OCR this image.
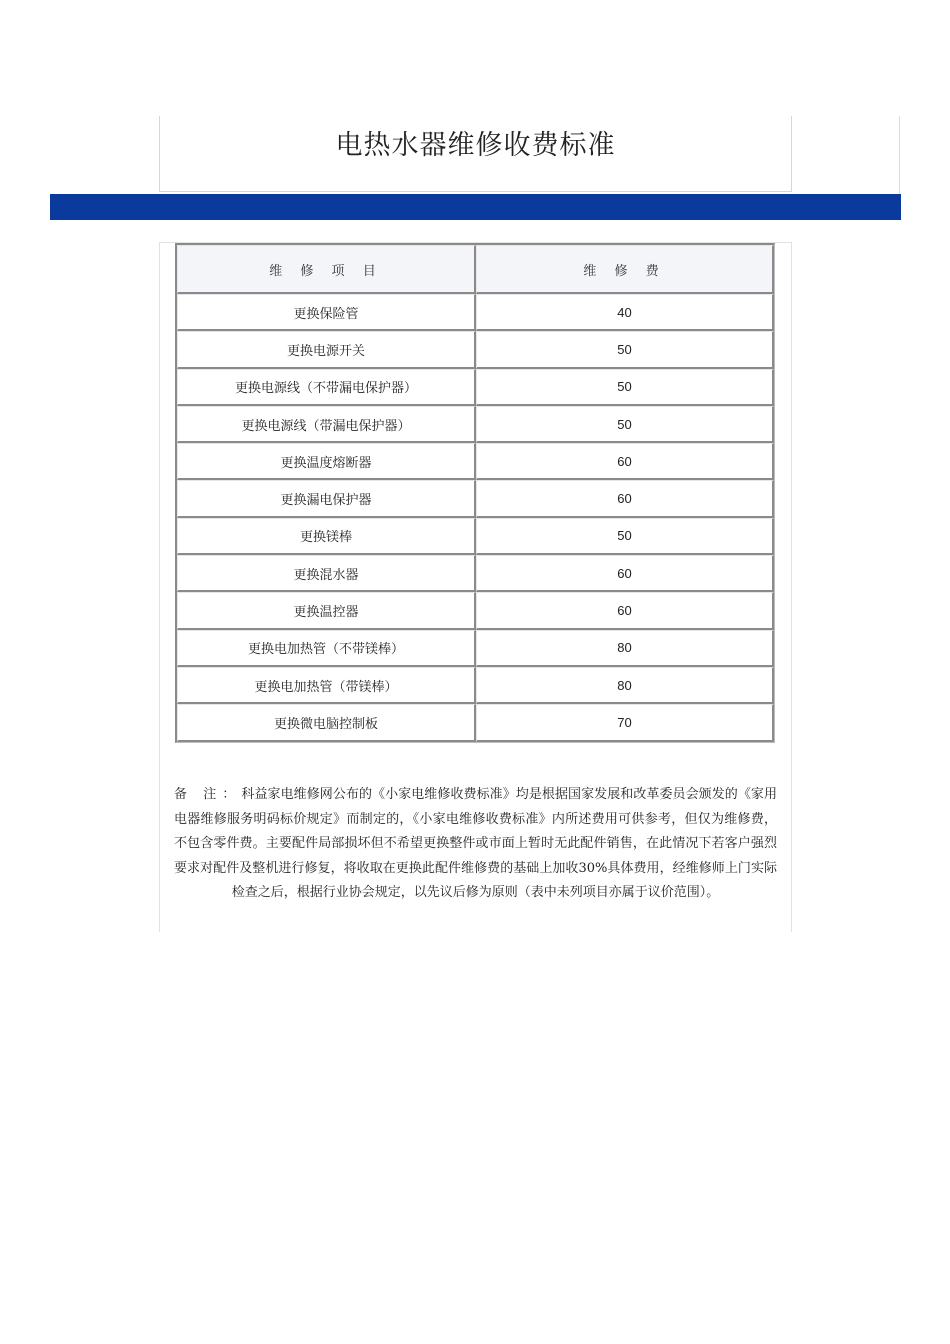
电热水器维修收费标准
维 修 项 目	维 修 费
更换保险管	40
更换电源开关	50
更换电源线（不带漏电保护器）	50
更换电源线（带漏电保护器）	50
更换温度熔断器	60
更换漏电保护器	60
更换镁棒	50
更换混水器	60
更换温控器	60
更换电加热管（不带镁棒）	80
更换电加热管（带镁棒）	80
更换微电脑控制板	70
备 注：科益家电维修网公布的《小家电维修收费标准》均是根据国家发展和改革委员会颁发的《家用电器维修服务明码标价规定》而制定的，《小家电维修收费标准》内所述费用可供参考，但仅为维修费，不包含零件费。主要配件局部损坏但不希望更换整件或市面上暂时无此配件销售，在此情况下若客户强烈要求对配件及整机进行修复，将收取在更换此配件维修费的基础上加收30%具体费用，经维修师上门实际检查之后，根据行业协会规定，以先议后修为原则（表中未列项目亦属于议价范围）。
